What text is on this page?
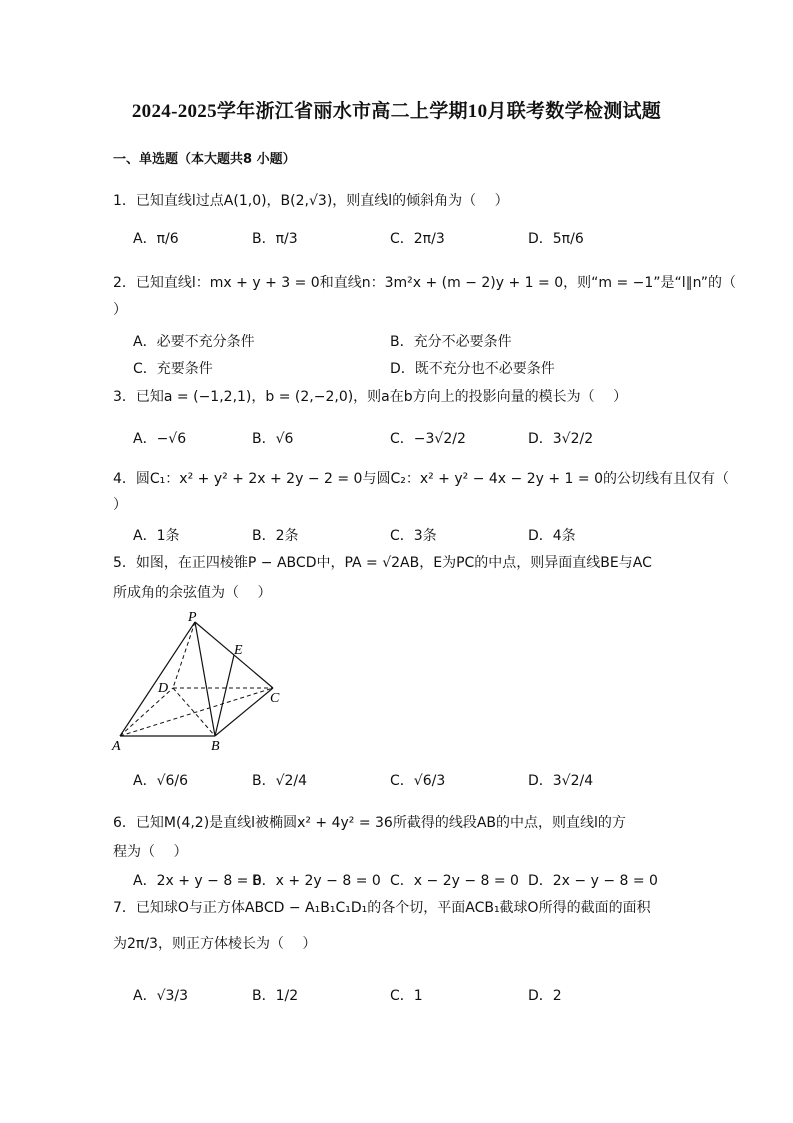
2024-2025学年浙江省丽水市高二上学期10月联考数学检测试题
一、单选题（本大题共8 小题）
1．已知直线l过点A(1,0)，B(2,√3)，则直线l的倾斜角为（　 ）
A．π/6	B．π/3	C．2π/3	D．5π/6
2．已知直线l：mx + y + 3 = 0和直线n：3m²x + (m − 2)y + 1 = 0，则“m = −1”是“l∥n”的（
）
A．必要不充分条件	B．充分不必要条件
C．充要条件	D．既不充分也不必要条件
3．已知a = (−1,2,1)，b = (2,−2,0)，则a在b方向上的投影向量的模长为（　 ）
A．−√6	B．√6	C．−3√2/2	D．3√2/2
4．圆C₁：x² + y² + 2x + 2y − 2 = 0与圆C₂：x² + y² − 4x − 2y + 1 = 0的公切线有且仅有（
）
A．1条	B．2条	C．3条	D．4条
5．如图，在正四棱锥P − ABCD中，PA = √2AB，E为PC的中点，则异面直线BE与AC
所成角的余弦值为（　 ）
P
E
D
C
A	B
A．√6/6	B．√2/4	C．√6/3	D．3√2/4
6．已知M(4,2)是直线l被椭圆x² + 4y² = 36所截得的线段AB的中点，则直线l的方
程为（　 ）
A．2x + y − 8 = 0
B．x + 2y − 8 = 0 C．x − 2y − 8 = 0 D．2x − y − 8 = 0
7．已知球O与正方体ABCD − A₁B₁C₁D₁的各个切，平面ACB₁截球O所得的截面的面积
为2π/3，则正方体棱长为（　 ）
A．√3/3	B．1/2	C．1	D．2
